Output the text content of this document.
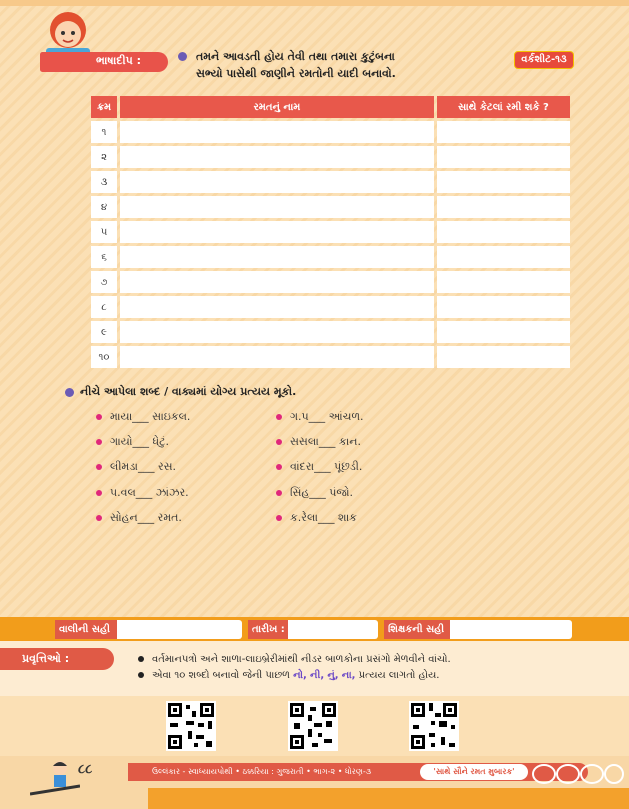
ભાષાદીપ :	તમને આવડતી હોય તેવી તથા તમારા કુટુંબના
સભ્યો પાસેથી જાણીને રમતોની યાદી બનાવો.
વર્કશીટ-૧૩
ક્રમ	રમતનું નામ	સાથે કેટલાં રમી શકે ?
૧		
૨		
૩		
૪		
૫		
૬		
૭		
૮		
૯		
૧૦		
નીચે આપેલા શબ્દ / વાક્યમાં યોગ્ય પ્રત્યય મૂકો.
માયા___ સાઇકલ.
ગાયો___ ધેટું.
લીમડા___ રસ.
પ.વલ___ ઝાંઝર.
સોહન___ રમત.
ગ.પ___ આંચળ.
સસલા___ કાન.
વાંદરા___ પૂંછડી.
સિંહ___ પંજો.
ક.રેલા___ શાક
વાલીની સહી	તારીખ :	શિક્ષકની સહી
પ્રવૃત્તિઓ :	વર્તમાનપત્રો અને શાળા-લાઇબ્રેરીમાંથી નીડર બાળકોના પ્રસંગો મેળવીને વાંચો.
એવા ૧૦ શબ્દો બનાવો જેની પાછળ નો, ની, નું, ના, પ્રત્યય લાગતો હોય.
૮૮	ઉલ્લંકાર - સ્વાધ્યાયપોથી • ઠક્કરિયા : ગુજરાતી • ભાગ-૨ • ધોરણ-૩	'સાથે સૌને રમત મુબારક'
